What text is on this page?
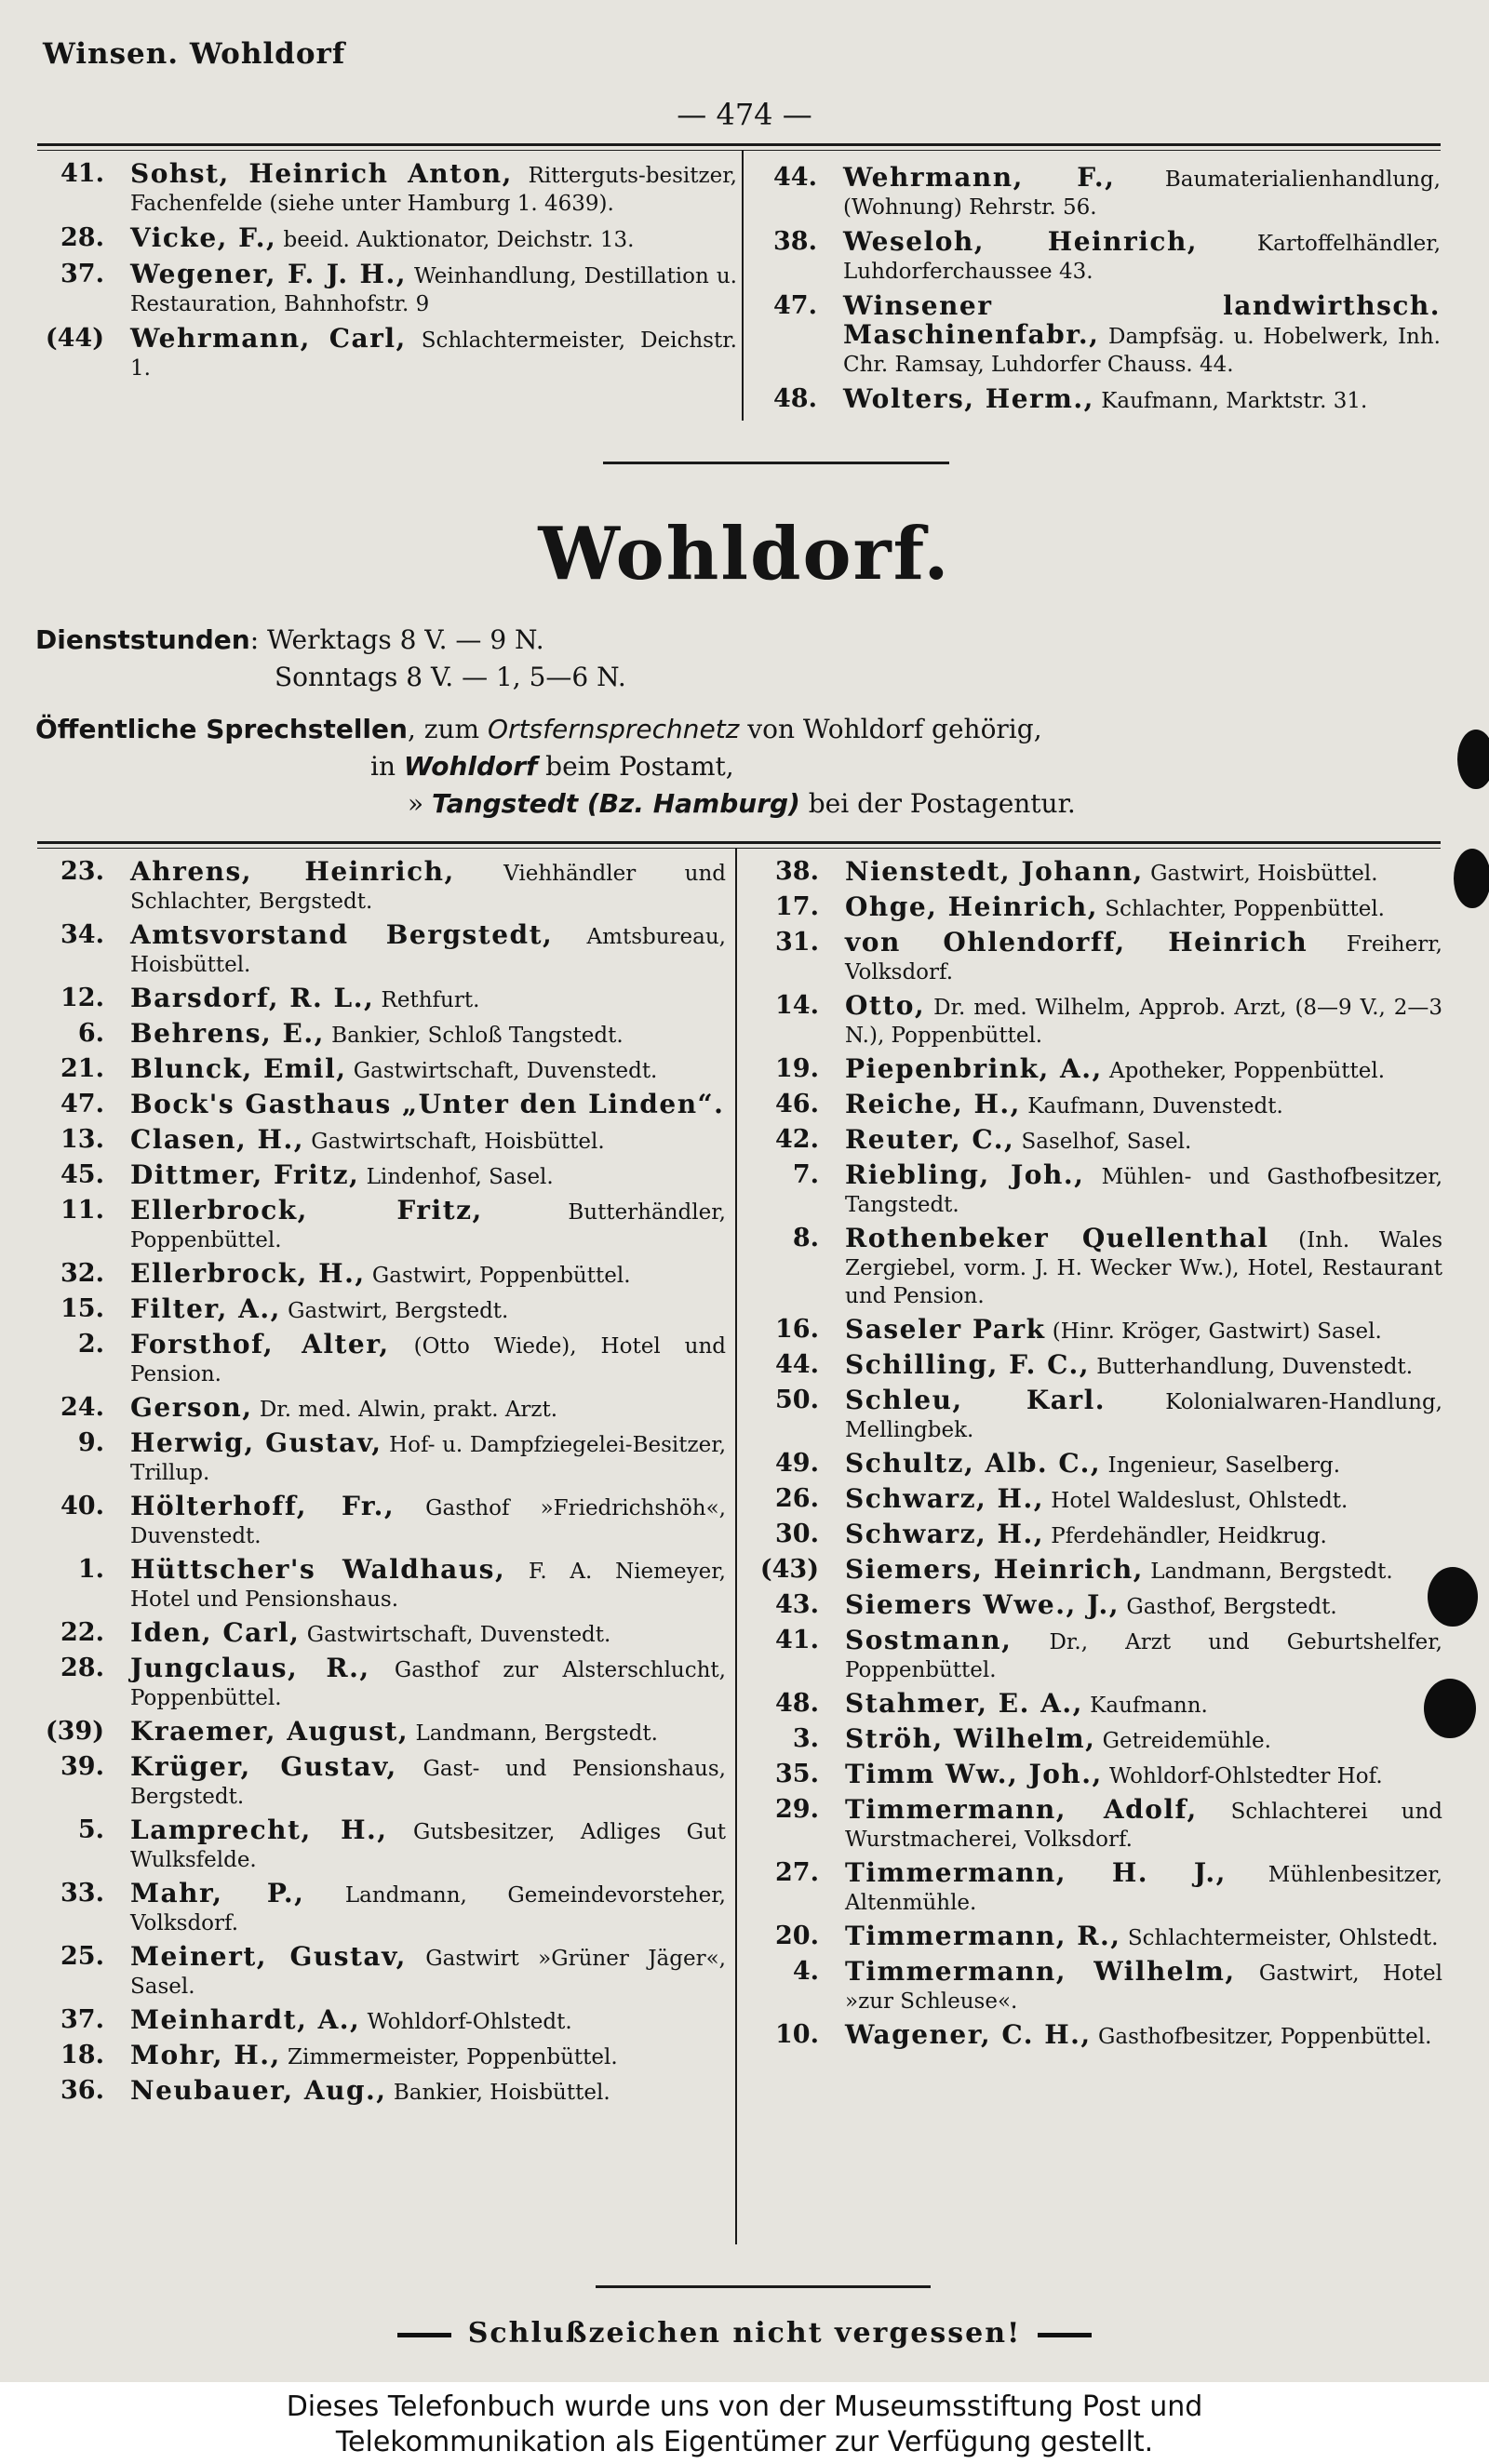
Winsen. Wohldorf
— 474 —
41. Sohst, Heinrich Anton, Ritterguts-besitzer, Fachenfelde (siehe unter Hamburg 1. 4639).
28. Vicke, F., beeid. Auktionator, Deichstr. 13.
37. Wegener, F. J. H., Weinhandlung, Destillation u. Restauration, Bahnhofstr. 9
(44) Wehrmann, Carl, Schlachtermeister, Deichstr. 1.
44. Wehrmann, F., Baumaterialienhandlung, (Wohnung) Rehrstr. 56.
38. Weseloh, Heinrich, Kartoffelhändler, Luhdorferchaussee 43.
47. Winsener landwirthsch. Maschinenfabr., Dampfsäg. u. Hobelwerk, Inh. Chr. Ramsay, Luhdorfer Chauss. 44.
48. Wolters, Herm., Kaufmann, Marktstr. 31.
Wohldorf.
Dienststunden: Werktags 8 V. — 9 N.
Sonntags 8 V. — 1, 5—6 N.
Öffentliche Sprechstellen, zum Ortsfernsprechnetz von Wohldorf gehörig,
in Wohldorf beim Postamt,
» Tangstedt (Bz. Hamburg) bei der Postagentur.
23. Ahrens, Heinrich, Viehhändler und Schlachter, Bergstedt.
34. Amtsvorstand Bergstedt, Amtsbureau, Hoisbüttel.
12. Barsdorf, R. L., Rethfurt.
6. Behrens, E., Bankier, Schloß Tangstedt.
21. Blunck, Emil, Gastwirtschaft, Duvenstedt.
47. Bock's Gasthaus „Unter den Linden“.
13. Clasen, H., Gastwirtschaft, Hoisbüttel.
45. Dittmer, Fritz, Lindenhof, Sasel.
11. Ellerbrock, Fritz, Butterhändler, Poppenbüttel.
32. Ellerbrock, H., Gastwirt, Poppenbüttel.
15. Filter, A., Gastwirt, Bergstedt.
2. Forsthof, Alter, (Otto Wiede), Hotel und Pension.
24. Gerson, Dr. med. Alwin, prakt. Arzt.
9. Herwig, Gustav, Hof- u. Dampfziegelei-Besitzer, Trillup.
40. Hölterhoff, Fr., Gasthof »Friedrichshöh«, Duvenstedt.
1. Hüttscher's Waldhaus, F. A. Niemeyer, Hotel und Pensionshaus.
22. Iden, Carl, Gastwirtschaft, Duvenstedt.
28. Jungclaus, R., Gasthof zur Alsterschlucht, Poppenbüttel.
(39) Kraemer, August, Landmann, Bergstedt.
39. Krüger, Gustav, Gast- und Pensionshaus, Bergstedt.
5. Lamprecht, H., Gutsbesitzer, Adliges Gut Wulksfelde.
33. Mahr, P., Landmann, Gemeindevorsteher, Volksdorf.
25. Meinert, Gustav, Gastwirt »Grüner Jäger«, Sasel.
37. Meinhardt, A., Wohldorf-Ohlstedt.
18. Mohr, H., Zimmermeister, Poppenbüttel.
36. Neubauer, Aug., Bankier, Hoisbüttel.
38. Nienstedt, Johann, Gastwirt, Hoisbüttel.
17. Ohge, Heinrich, Schlachter, Poppenbüttel.
31. von Ohlendorff, Heinrich Freiherr, Volksdorf.
14. Otto, Dr. med. Wilhelm, Approb. Arzt, (8—9 V., 2—3 N.), Poppenbüttel.
19. Piepenbrink, A., Apotheker, Poppenbüttel.
46. Reiche, H., Kaufmann, Duvenstedt.
42. Reuter, C., Saselhof, Sasel.
7. Riebling, Joh., Mühlen- und Gasthofbesitzer, Tangstedt.
8. Rothenbeker Quellenthal (Inh. Wales Zergiebel, vorm. J. H. Wecker Ww.), Hotel, Restaurant und Pension.
16. Saseler Park (Hinr. Kröger, Gastwirt) Sasel.
44. Schilling, F. C., Butterhandlung, Duvenstedt.
50. Schleu, Karl. Kolonialwaren-Handlung, Mellingbek.
49. Schultz, Alb. C., Ingenieur, Saselberg.
26. Schwarz, H., Hotel Waldeslust, Ohlstedt.
30. Schwarz, H., Pferdehändler, Heidkrug.
(43) Siemers, Heinrich, Landmann, Bergstedt.
43. Siemers Wwe., J., Gasthof, Bergstedt.
41. Sostmann, Dr., Arzt und Geburtshelfer, Poppenbüttel.
48. Stahmer, E. A., Kaufmann.
3. Ströh, Wilhelm, Getreidemühle.
35. Timm Ww., Joh., Wohldorf-Ohlstedter Hof.
29. Timmermann, Adolf, Schlachterei und Wurstmacherei, Volksdorf.
27. Timmermann, H. J., Mühlenbesitzer, Altenmühle.
20. Timmermann, R., Schlachtermeister, Ohlstedt.
4. Timmermann, Wilhelm, Gastwirt, Hotel »zur Schleuse«.
10. Wagener, C. H., Gasthofbesitzer, Poppenbüttel.
Schlußzeichen nicht vergessen!
Dieses Telefonbuch wurde uns von der Museumsstiftung Post und
Telekommunikation als Eigentümer zur Verfügung gestellt.
